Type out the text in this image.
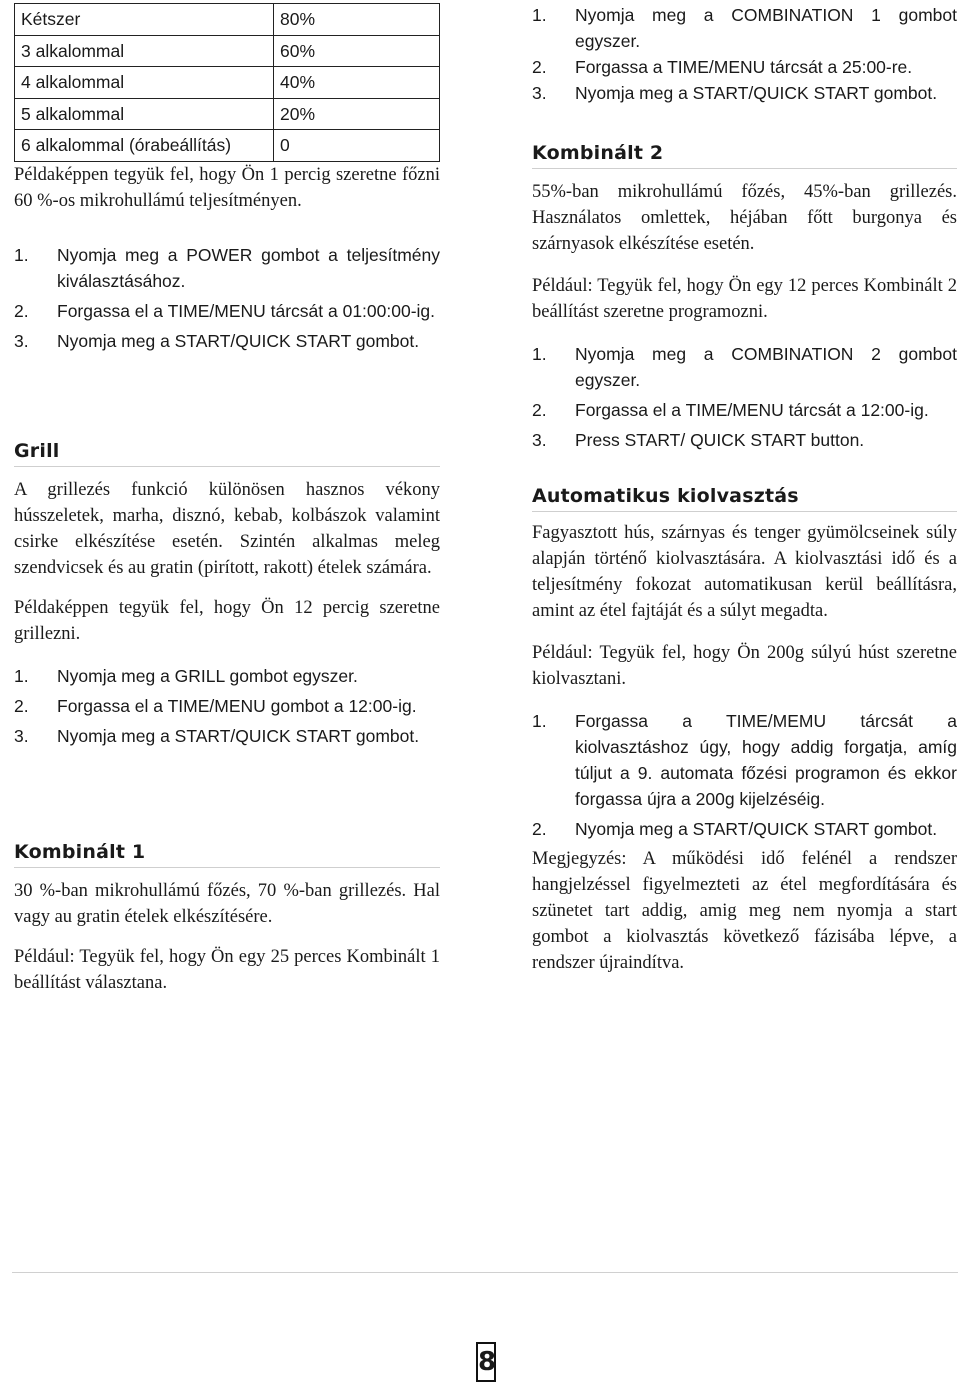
Kétszer	80%
3 alkalommal	60%
4 alkalommal	40%
5 alkalommal	20%
6 alkalommal (órabeállítás)	0

Példaképpen tegyük fel, hogy Ön 1 percig szeretne főzni 60 %-os mikrohullámú teljesítményen.

1. Nyomja meg a POWER gombot a teljesítmény kiválasztásához.
2. Forgassa el a TIME/MENU tárcsát a 01:00:00-ig.
3. Nyomja meg a START/QUICK START gombot.
Grill

A grillezés funkció különösen hasznos vékony hússzeletek, marha, disznó, kebab, kolbászok valamint csirke elkészítése esetén. Szintén alkalmas meleg szendvicsek és au gratin (pirított, rakott) ételek számára.

Példaképpen tegyük fel, hogy Ön 12 percig szeretne grillezni.

1. Nyomja meg a GRILL gombot egyszer.
2. Forgassa el a TIME/MENU gombot a 12:00-ig.
3. Nyomja meg a START/QUICK START gombot.
Kombinált 1

30 %-ban mikrohullámú főzés, 70 %-ban grillezés. Hal vagy au gratin ételek elkészítésére.

Például: Tegyük fel, hogy Ön egy 25 perces Kombinált 1 beállítást választana.

1. Nyomja meg a COMBINATION 1 gombot egyszer.
2. Forgassa a TIME/MENU tárcsát a 25:00-re.
3. Nyomja meg a START/QUICK START gombot.
Kombinált 2

55%-ban mikrohullámú főzés, 45%-ban grillezés. Használatos omlettek, héjában főtt burgonya és szárnyasok elkészítése esetén.

Például: Tegyük fel, hogy Ön egy 12 perces Kombinált 2 beállítást szeretne programozni.

1. Nyomja meg a COMBINATION 2 gombot egyszer.
2. Forgassa el a TIME/MENU tárcsát a 12:00-ig.
3. Press START/ QUICK START button.
Automatikus kiolvasztás

Fagyasztott hús, szárnyas és tenger gyümölcseinek súly alapján történő kiolvasztására. A kiolvasztási idő és a teljesítmény fokozat automatikusan kerül beállításra, amint az étel fajtáját és a súlyt megadta.

Például: Tegyük fel, hogy Ön 200g súlyú húst szeretne kiolvasztani.

1. Forgassa a TIME/MEMU tárcsát a kiolvasztáshoz úgy, hogy addig forgatja, amíg túljut a 9. automata főzési programon és ekkor forgassa újra a 200g kijelzéséig.
2. Nyomja meg a START/QUICK START gombot.

Megjegyzés: A működési idő felénél a rendszer hangjelzéssel figyelmezteti az étel megfordítására és szünetet tart addig, amig meg nem nyomja a start gombot a kiolvasztás következő fázisába lépve, a rendszer újraindítva.

8
